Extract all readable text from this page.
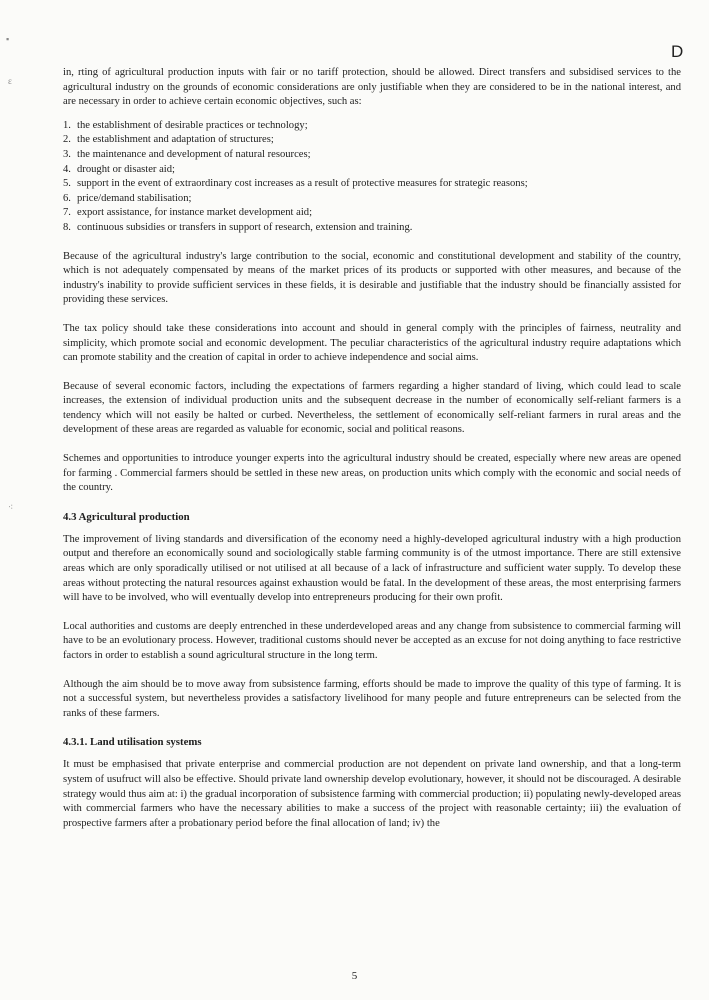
▪
ɛ
⁖
D

in, rting of agricultural production inputs with fair or no tariff protection, should be allowed. Direct transfers and subsidised services to the agricultural industry on the grounds of economic considerations are only justifiable when they are considered to be in the national interest, and are necessary in order to achieve certain economic objectives, such as:

1. the establishment of desirable practices or technology;
2. the establishment and adaptation of structures;
3. the maintenance and development of natural resources;
4. drought or disaster aid;
5. support in the event of extraordinary cost increases as a result of protective measures for strategic reasons;
6. price/demand stabilisation;
7. export assistance, for instance market development aid;
8. continuous subsidies or transfers in support of research, extension and training.

Because of the agricultural industry's large contribution to the social, economic and constitutional development and stability of the country, which is not adequately compensated by means of the market prices of its products or supported with other measures, and because of the industry's inability to provide sufficient services in these fields, it is desirable and justifiable that the industry should be financially assisted for providing these services.

The tax policy should take these considerations into account and should in general comply with the principles of fairness, neutrality and simplicity, which promote social and economic development. The peculiar characteristics of the agricultural industry require adaptations which can promote stability and the creation of capital in order to achieve independence and social aims.

Because of several economic factors, including the expectations of farmers regarding a higher standard of living, which could lead to scale increases, the extension of individual production units and the subsequent decrease in the number of economically self-reliant farmers is a tendency which will not easily be halted or curbed. Nevertheless, the settlement of economically self-reliant farmers in rural areas and the development of these areas are regarded as valuable for economic, social and political reasons.

Schemes and opportunities to introduce younger experts into the agricultural industry should be created, especially where new areas are opened for farming . Commercial farmers should be settled in these new areas, on production units which comply with the economic and social needs of the country.

4.3 Agricultural production

The improvement of living standards and diversification of the economy need a highly-developed agricultural industry with a high production output and therefore an economically sound and sociologically stable farming community is of the utmost importance. There are still extensive areas which are only sporadically utilised or not utilised at all because of a lack of infrastructure and sufficient water supply. To develop these areas without protecting the natural resources against exhaustion would be fatal. In the development of these areas, the most enterprising farmers will have to be involved, who will eventually develop into entrepreneurs producing for their own profit.

Local authorities and customs are deeply entrenched in these underdeveloped areas and any change from subsistence to commercial farming will have to be an evolutionary process. However, traditional customs should never be accepted as an excuse for not doing anything to face restrictive factors in order to establish a sound agricultural structure in the long term.

Although the aim should be to move away from subsistence farming, efforts should be made to improve the quality of this type of farming. It is not a successful system, but nevertheless provides a satisfactory livelihood for many people and future entrepreneurs can be selected from the ranks of these farmers.

4.3.1. Land utilisation systems

It must be emphasised that private enterprise and commercial production are not dependent on private land ownership, and that a long-term system of usufruct will also be effective. Should private land ownership develop evolutionary, however, it should not be discouraged. A desirable strategy would thus aim at: i) the gradual incorporation of subsistence farming with commercial production; ii) populating newly-developed areas with commercial farmers who have the necessary abilities to make a success of the project with reasonable certainty; iii) the evaluation of prospective farmers after a probationary period before the final allocation of land; iv) the

5
